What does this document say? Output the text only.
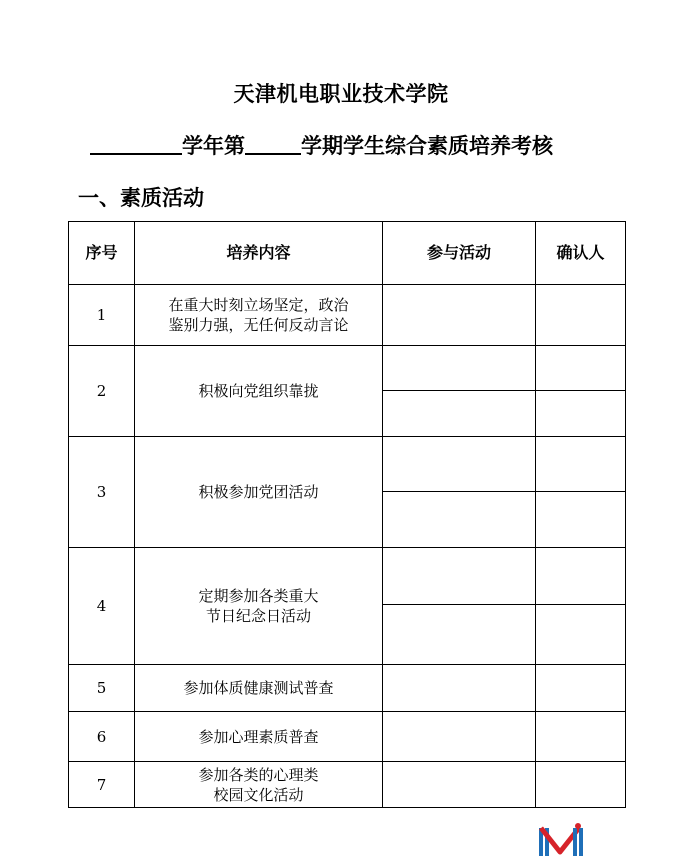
天津机电职业技术学院
学年第	学期学生综合素质培养考核
一、素质活动
序号	培养内容	参与活动	确认人
1	在重大时刻立场坚定，政治
鉴别力强，无任何反动言论		

2	积极向党组织靠拢		

3	积极参加党团活动		

4	定期参加各类重大
节日纪念日活动		

5	参加体质健康测试普查		

6	参加心理素质普查		

7	参加各类的心理类
校园文化活动		
